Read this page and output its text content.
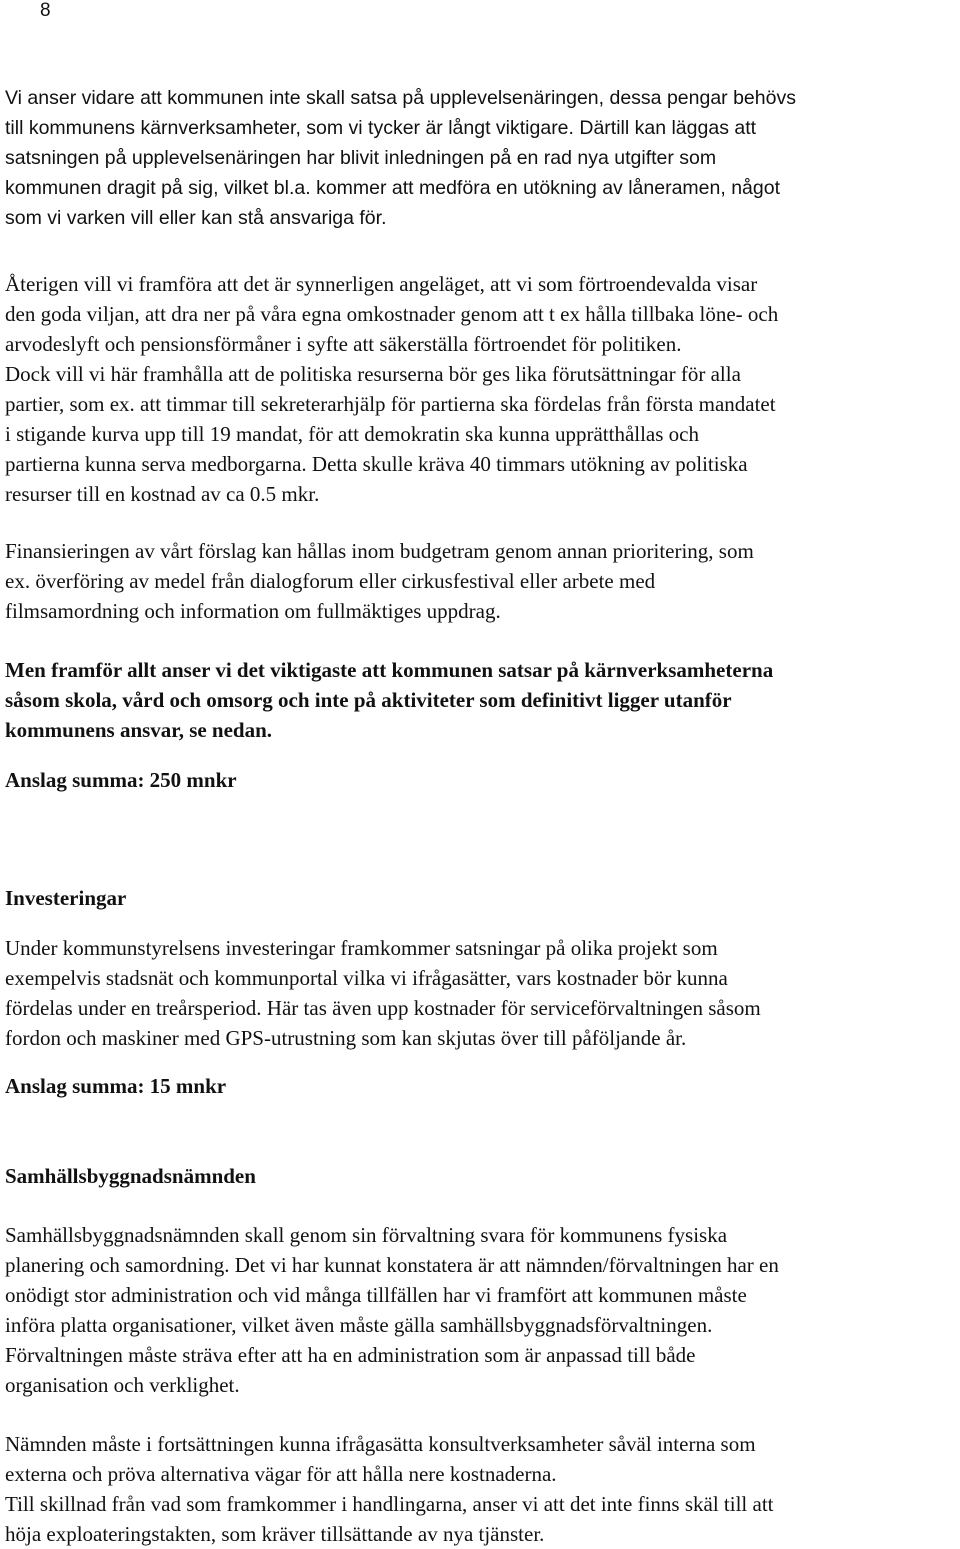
8
Vi anser vidare att kommunen inte skall satsa på upplevelsenäringen, dessa pengar behövs
till kommunens kärnverksamheter, som vi tycker är långt viktigare. Därtill kan läggas att
satsningen på upplevelsenäringen har blivit inledningen på en rad nya utgifter som
kommunen dragit på sig, vilket bl.a. kommer att medföra en utökning av låneramen, något
som vi varken vill eller kan stå ansvariga för.
Återigen vill vi framföra att det är synnerligen angeläget, att vi som förtroendevalda visar
den goda viljan, att dra ner på våra egna omkostnader genom att t ex hålla tillbaka löne- och
arvodeslyft och pensionsförmåner i syfte att säkerställa förtroendet för politiken.
Dock vill vi här framhålla att de politiska resurserna bör ges lika förutsättningar för alla
partier, som ex. att timmar till sekreterarhjälp för partierna ska fördelas från första mandatet
i stigande kurva upp till 19 mandat, för att demokratin ska kunna upprätthållas och
partierna kunna serva medborgarna. Detta skulle kräva 40 timmars utökning av politiska
resurser till en kostnad av ca 0.5 mkr.
Finansieringen av vårt förslag kan hållas inom budgetram genom annan prioritering, som
ex. överföring av medel från dialogforum eller cirkusfestival eller arbete med
filmsamordning och information om fullmäktiges uppdrag.
Men framför allt anser vi det viktigaste att kommunen satsar på kärnverksamheterna
såsom skola, vård och omsorg och inte på aktiviteter som definitivt ligger utanför
kommunens ansvar, se nedan.
Anslag summa: 250 mnkr
Investeringar
Under kommunstyrelsens investeringar framkommer satsningar på olika projekt som
exempelvis stadsnät och kommunportal vilka vi ifrågasätter, vars kostnader bör kunna
fördelas under en treårsperiod. Här tas även upp kostnader för serviceförvaltningen såsom
fordon och maskiner med GPS-utrustning som kan skjutas över till påföljande år.
Anslag summa: 15 mnkr
Samhällsbyggnadsnämnden
Samhällsbyggnadsnämnden skall genom sin förvaltning svara för kommunens fysiska
planering och samordning. Det vi har kunnat konstatera är att nämnden/förvaltningen har en
onödigt stor administration och vid många tillfällen har vi framfört att kommunen måste
införa platta organisationer, vilket även måste gälla samhällsbyggnadsförvaltningen.
Förvaltningen måste sträva efter att ha en administration som är anpassad till både
organisation och verklighet.
Nämnden måste i fortsättningen kunna ifrågasätta konsultverksamheter såväl interna som
externa och pröva alternativa vägar för att hålla nere kostnaderna.
Till skillnad från vad som framkommer i handlingarna, anser vi att det inte finns skäl till att
höja exploateringstakten, som kräver tillsättande av nya tjänster.
